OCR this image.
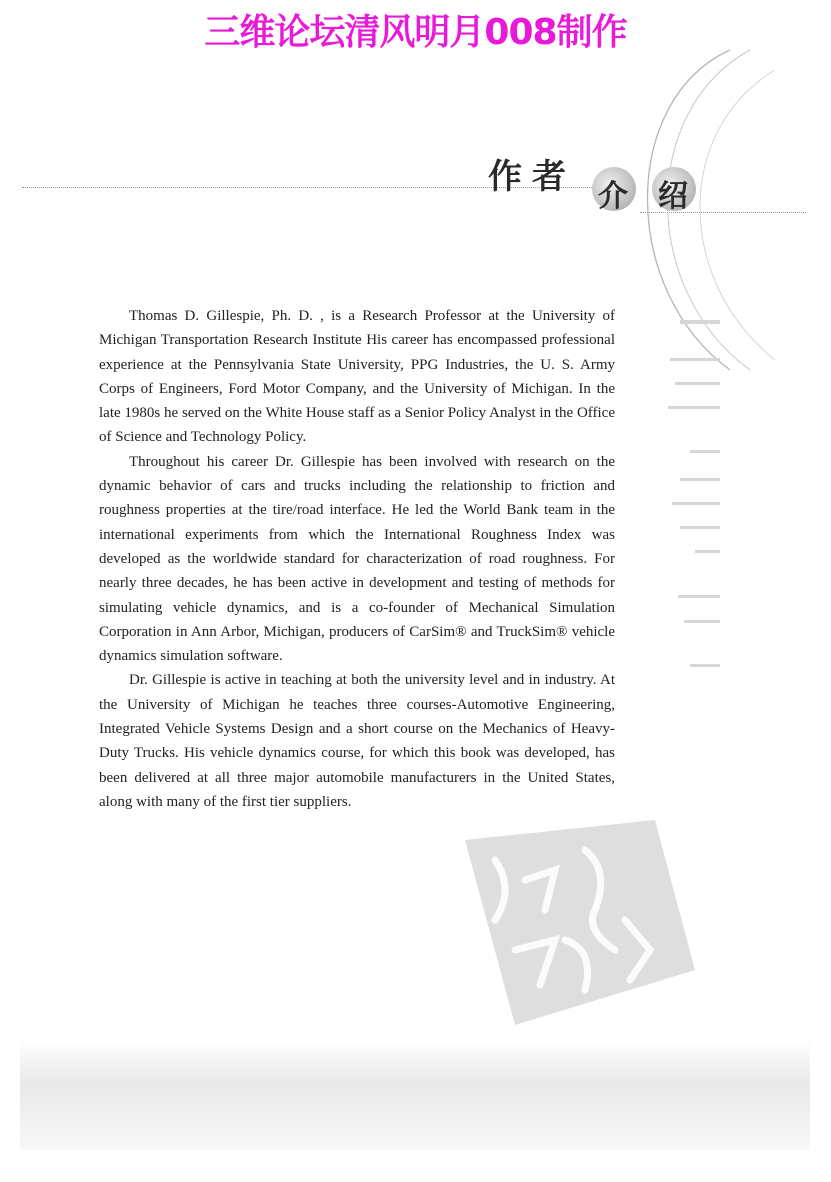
三维论坛清风明月008制作
作 者 介 绍

Thomas D. Gillespie, Ph. D. , is a Research Professor at the University of Michigan Transportation Research Institute His career has encompassed professional experience at the Pennsylvania State University, PPG Industries, the U. S. Army Corps of Engineers, Ford Motor Company, and the University of Michigan. In the late 1980s he served on the White House staff as a Senior Policy Analyst in the Office of Science and Technology Policy.

Throughout his career Dr. Gillespie has been involved with research on the dynamic behavior of cars and trucks including the relationship to friction and roughness properties at the tire/road interface. He led the World Bank team in the international experiments from which the International Roughness Index was developed as the worldwide standard for characterization of road roughness. For nearly three decades, he has been active in development and testing of methods for simulating vehicle dynamics, and is a co-founder of Mechanical Simulation Corporation in Ann Arbor, Michigan, producers of CarSim® and TruckSim® vehicle dynamics simulation software.

Dr. Gillespie is active in teaching at both the university level and in industry. At the University of Michigan he teaches three courses-Automotive Engineering, Integrated Vehicle Systems Design and a short course on the Mechanics of Heavy-Duty Trucks. His vehicle dynamics course, for which this book was developed, has been delivered at all three major automobile manufacturers in the United States, along with many of the first tier suppliers.
